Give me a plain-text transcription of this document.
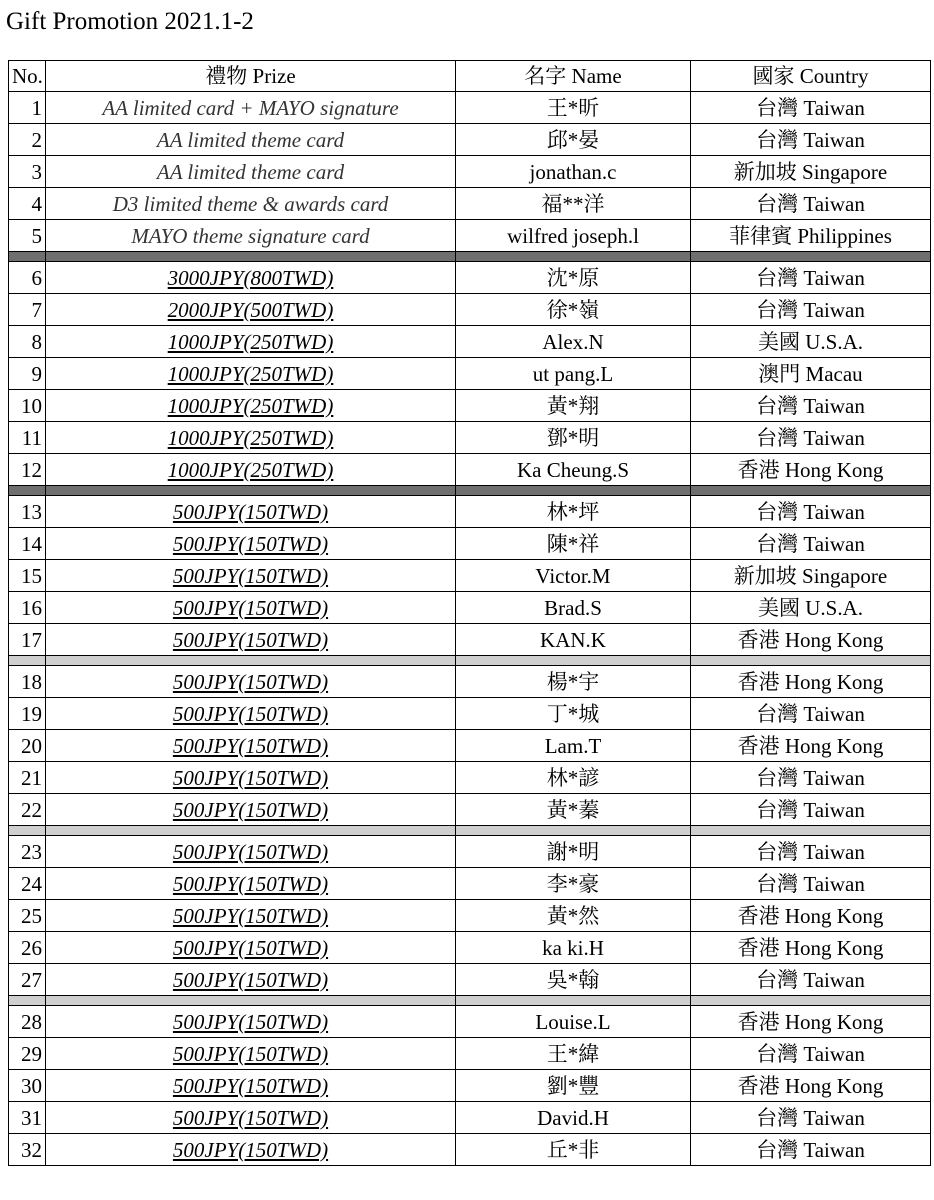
Gift Promotion 2021.1-2
No.	禮物 Prize	名字 Name	國家 Country
1	AA limited card + MAYO signature	王*昕	台灣 Taiwan
2	AA limited theme card	邱*晏	台灣 Taiwan
3	AA limited theme card	jonathan.c	新加坡 Singapore
4	D3 limited theme & awards card	福**洋	台灣 Taiwan
5	MAYO theme signature card	wilfred joseph.l	菲律賓 Philippines

6	3000JPY(800TWD)	沈*原	台灣 Taiwan
7	2000JPY(500TWD)	徐*嶺	台灣 Taiwan
8	1000JPY(250TWD)	Alex.N	美國 U.S.A.
9	1000JPY(250TWD)	ut pang.L	澳門 Macau
10	1000JPY(250TWD)	黃*翔	台灣 Taiwan
11	1000JPY(250TWD)	鄧*明	台灣 Taiwan
12	1000JPY(250TWD)	Ka Cheung.S	香港 Hong Kong

13	500JPY(150TWD)	林*坪	台灣 Taiwan
14	500JPY(150TWD)	陳*祥	台灣 Taiwan
15	500JPY(150TWD)	Victor.M	新加坡 Singapore
16	500JPY(150TWD)	Brad.S	美國 U.S.A.
17	500JPY(150TWD)	KAN.K	香港 Hong Kong

18	500JPY(150TWD)	楊*宇	香港 Hong Kong
19	500JPY(150TWD)	丁*城	台灣 Taiwan
20	500JPY(150TWD)	Lam.T	香港 Hong Kong
21	500JPY(150TWD)	林*諺	台灣 Taiwan
22	500JPY(150TWD)	黃*蓁	台灣 Taiwan

23	500JPY(150TWD)	謝*明	台灣 Taiwan
24	500JPY(150TWD)	李*豪	台灣 Taiwan
25	500JPY(150TWD)	黃*然	香港 Hong Kong
26	500JPY(150TWD)	ka ki.H	香港 Hong Kong
27	500JPY(150TWD)	吳*翰	台灣 Taiwan

28	500JPY(150TWD)	Louise.L	香港 Hong Kong
29	500JPY(150TWD)	王*緯	台灣 Taiwan
30	500JPY(150TWD)	劉*豐	香港 Hong Kong
31	500JPY(150TWD)	David.H	台灣 Taiwan
32	500JPY(150TWD)	丘*非	台灣 Taiwan
